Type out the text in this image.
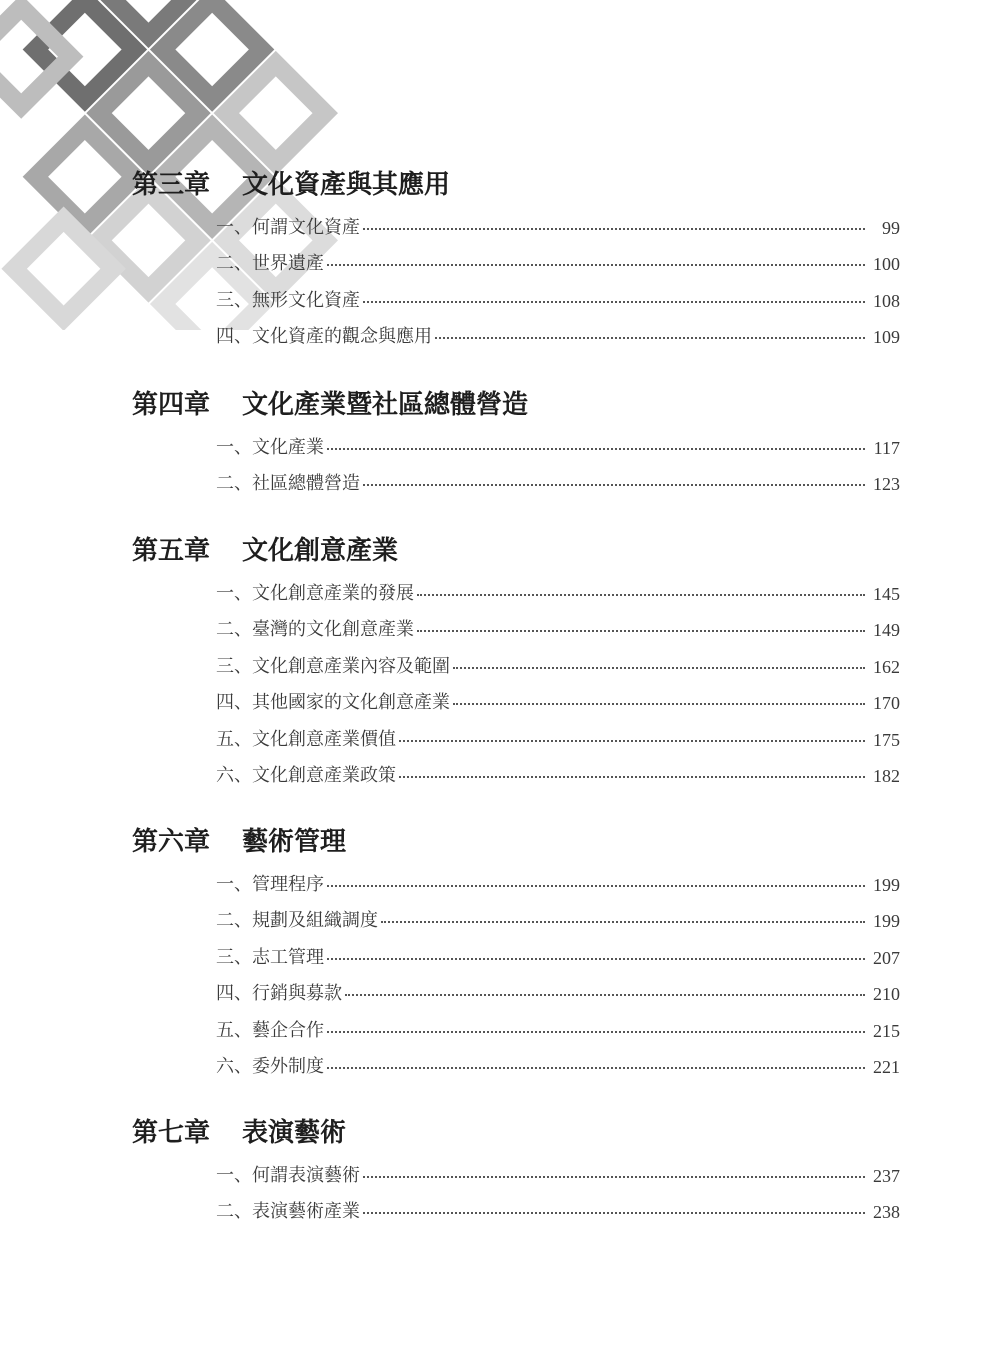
第三章	文化資產與其應用
一、何謂文化資產	99
二、世界遺產	100
三、無形文化資產	108
四、文化資產的觀念與應用	109
第四章	文化產業暨社區總體營造
一、文化產業	117
二、社區總體營造	123
第五章	文化創意產業
一、文化創意產業的發展	145
二、臺灣的文化創意產業	149
三、文化創意產業內容及範圍	162
四、其他國家的文化創意產業	170
五、文化創意產業價值	175
六、文化創意產業政策	182
第六章	藝術管理
一、管理程序	199
二、規劃及組織調度	199
三、志工管理	207
四、行銷與募款	210
五、藝企合作	215
六、委外制度	221
第七章	表演藝術
一、何謂表演藝術	237
二、表演藝術產業	238
